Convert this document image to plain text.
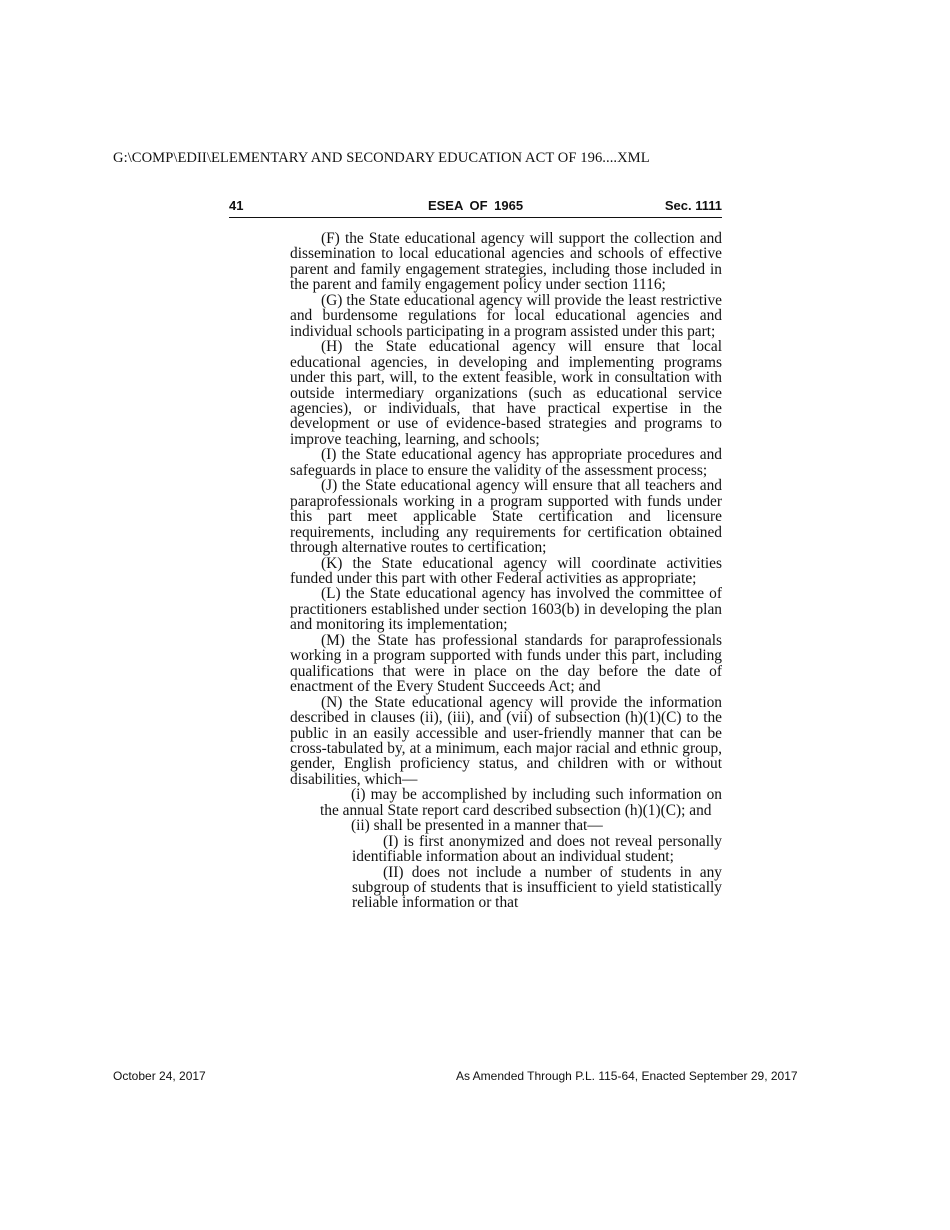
G:\COMP\EDII\ELEMENTARY AND SECONDARY EDUCATION ACT OF 196....XML
ESEA OF 1965
41	Sec. 1111

(F) the State educational agency will support the collection and dissemination to local educational agencies and schools of effective parent and family engagement strategies, including those included in the parent and family engagement policy under section 1116;

(G) the State educational agency will provide the least restrictive and burdensome regulations for local educational agencies and individual schools participating in a program assisted under this part;

(H) the State educational agency will ensure that local educational agencies, in developing and implementing programs under this part, will, to the extent feasible, work in consultation with outside intermediary organizations (such as educational service agencies), or individuals, that have practical expertise in the development or use of evidence-based strategies and programs to improve teaching, learning, and schools;

(I) the State educational agency has appropriate procedures and safeguards in place to ensure the validity of the assessment process;

(J) the State educational agency will ensure that all teachers and paraprofessionals working in a program supported with funds under this part meet applicable State certification and licensure requirements, including any requirements for certification obtained through alternative routes to certification;

(K) the State educational agency will coordinate activities funded under this part with other Federal activities as appropriate;

(L) the State educational agency has involved the committee of practitioners established under section 1603(b) in developing the plan and monitoring its implementation;

(M) the State has professional standards for paraprofessionals working in a program supported with funds under this part, including qualifications that were in place on the day before the date of enactment of the Every Student Succeeds Act; and

(N) the State educational agency will provide the information described in clauses (ii), (iii), and (vii) of subsection (h)(1)(C) to the public in an easily accessible and user-friendly manner that can be cross-tabulated by, at a minimum, each major racial and ethnic group, gender, English proficiency status, and children with or without disabilities, which—

(i) may be accomplished by including such information on the annual State report card described subsection (h)(1)(C); and

(ii) shall be presented in a manner that—

(I) is first anonymized and does not reveal personally identifiable information about an individual student;

(II) does not include a number of students in any subgroup of students that is insufficient to yield statistically reliable information or that

October 24, 2017	As Amended Through P.L. 115-64, Enacted September 29, 2017
